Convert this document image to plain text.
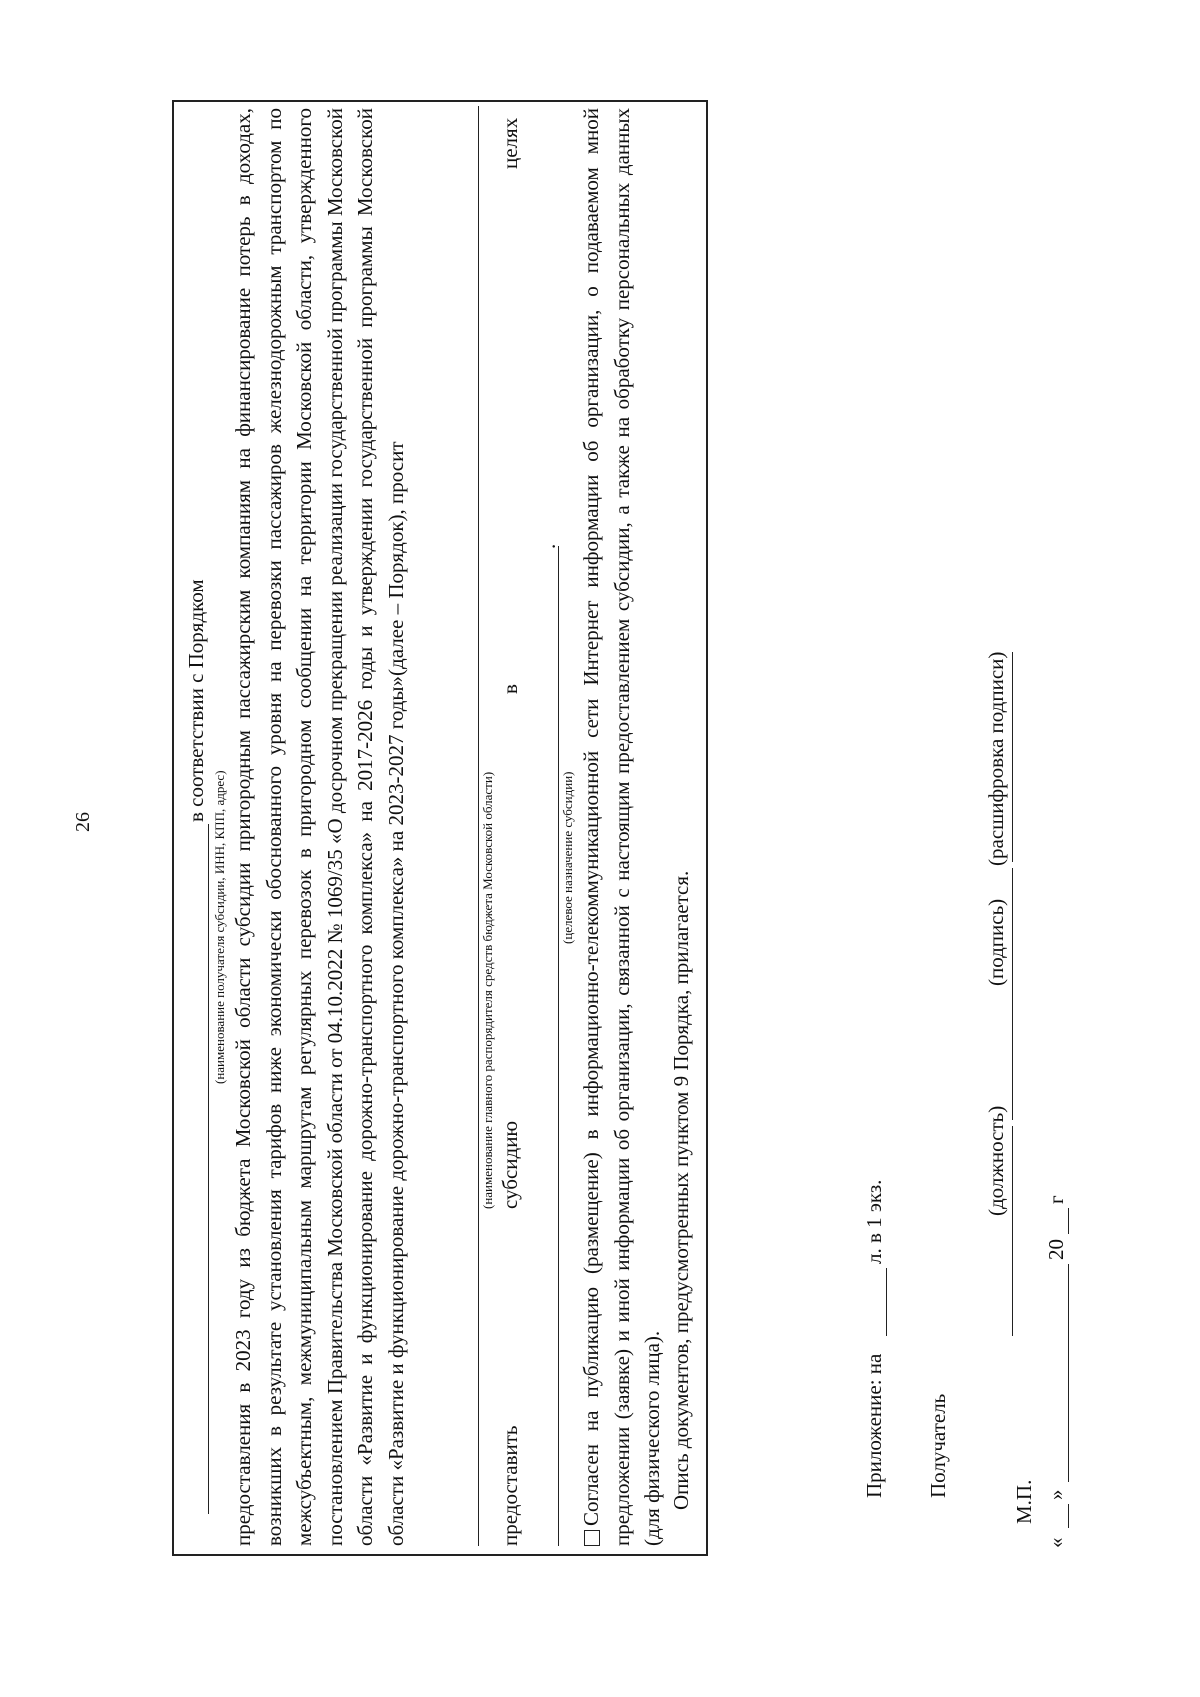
26	в соответствии с Порядком
(наименование получателя субсидии, ИНН, КПП, адрес) предоставления в 2023 году из бюджета Московской области субсидии пригородным пассажирским компаниям на финансирование потерь в доходах, возникших в результате установления тарифов ниже экономически обоснованного уровня на перевозки пассажиров железнодорожным транспортом по межсубъектным, межмуниципальным маршрутам регулярных перевозок в пригородном сообщении на территории Московской области, утвержденного постановлением Правительства Московской области от 04.10.2022 № 1069/35 «О досрочном прекращении реализации государственной программы Московской области «Развитие и функционирование дорожно-транспортного комплекса» на 2017-2026 годы и утверждении государственной программы Московской области «Развитие и функционирование дорожно-транспортного комплекса» на 2023-2027 годы»(далее – Порядок), просит	(наименование главного распорядителя средств бюджета Московской области)
предоставить
субсидию
в
целях
.
(целевое назначение субсидии) Согласен на публикацию (размещение) в информационно-телекоммуникационной сети Интернет информации об организации, о подаваемом мной предложении (заявке) и иной информации об организации, связанной с настоящим предоставлением субсидии, а также на обработку персональных данных (для физического лица). Опись документов, предусмотренных пунктом 9 Порядка, прилагается.	Приложение: на
л. в 1 экз.
Получатель
(должность)
(подпись)
(расшифровка подписи)
М.П.
«
»
20
г
